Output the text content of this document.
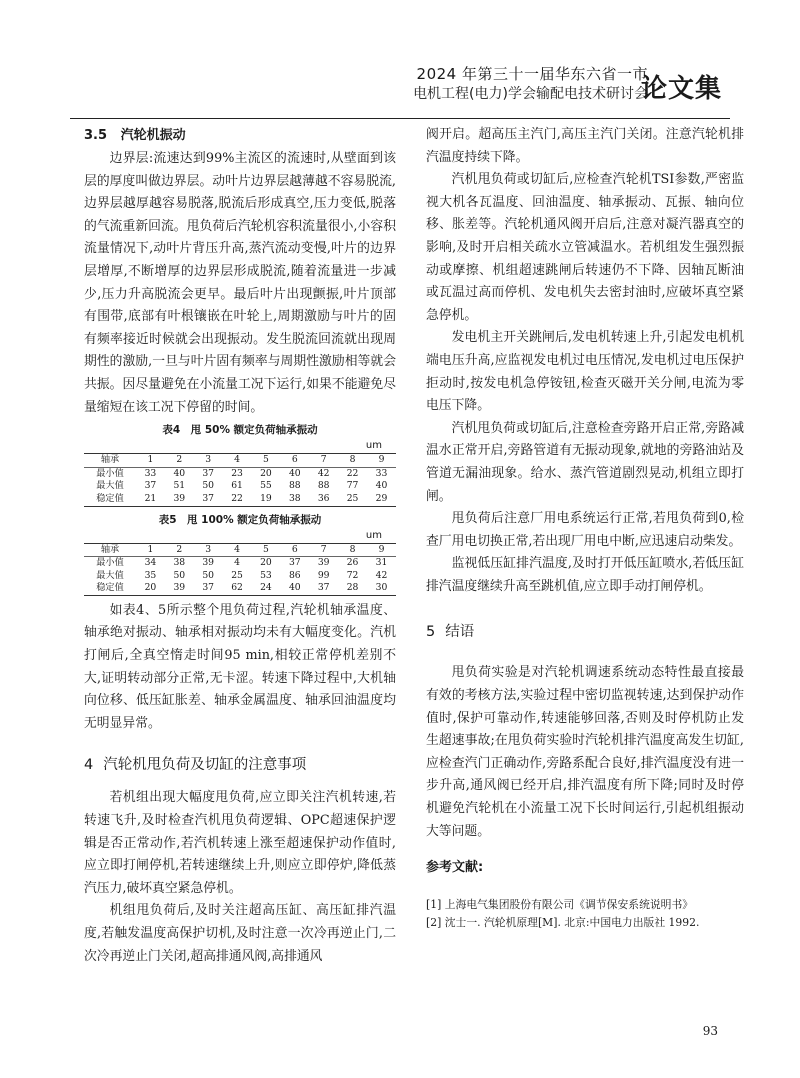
2024 年第三十一届华东六省一市
电机工程(电力)学会输配电技术研讨会
论文集
3.5 汽轮机振动

边界层:流速达到99%主流区的流速时,从壁面到该层的厚度叫做边界层。动叶片边界层越薄越不容易脱流,边界层越厚越容易脱落,脱流后形成真空,压力变低,脱落的气流重新回流。甩负荷后汽轮机容积流量很小,小容积流量情况下,动叶片背压升高,蒸汽流动变慢,叶片的边界层增厚,不断增厚的边界层形成脱流,随着流量进一步减少,压力升高脱流会更早。最后叶片出现颤振,叶片顶部有围带,底部有叶根镶嵌在叶轮上,周期激励与叶片的固有频率接近时候就会出现振动。发生脱流回流就出现周期性的激励,一旦与叶片固有频率与周期性激励相等就会共振。因尽量避免在小流量工况下运行,如果不能避免尽量缩短在该工况下停留的时间。

表4　甩 50% 额定负荷轴承振动
um
轴承	1	2	3	4	5	6	7	8	9
最小值	33	40	37	23	20	40	42	22	33
最大值	37	51	50	61	55	88	88	77	40
稳定值	21	39	37	22	19	38	36	25	29
表5　甩 100% 额定负荷轴承振动
um
轴承	1	2	3	4	5	6	7	8	9
最小值	34	38	39	4	20	37	39	26	31
最大值	35	50	50	25	53	86	99	72	42
稳定值	20	39	37	62	24	40	37	28	30

如表4、5所示整个甩负荷过程,汽轮机轴承温度、轴承绝对振动、轴承相对振动均未有大幅度变化。汽机打闸后,全真空惰走时间95 min,相较正常停机差别不大,证明转动部分正常,无卡涩。转速下降过程中,大机轴向位移、低压缸胀差、轴承金属温度、轴承回油温度均无明显异常。

4 汽轮机甩负荷及切缸的注意事项

若机组出现大幅度甩负荷,应立即关注汽机转速,若转速飞升,及时检查汽机甩负荷逻辑、OPC超速保护逻辑是否正常动作,若汽机转速上涨至超速保护动作值时,应立即打闸停机,若转速继续上升,则应立即停炉,降低蒸汽压力,破坏真空紧急停机。

机组甩负荷后,及时关注超高压缸、高压缸排汽温度,若触发温度高保护切机,及时注意一次冷再逆止门,二次冷再逆止门关闭,超高排通风阀,高排通风

阀开启。超高压主汽门,高压主汽门关闭。注意汽轮机排汽温度持续下降。

汽机甩负荷或切缸后,应检查汽轮机TSI参数,严密监视大机各瓦温度、回油温度、轴承振动、瓦振、轴向位移、胀差等。汽轮机通风阀开启后,注意对凝汽器真空的影响,及时开启相关疏水立管减温水。若机组发生强烈振动或摩擦、机组超速跳闸后转速仍不下降、因轴瓦断油或瓦温过高而停机、发电机失去密封油时,应破坏真空紧急停机。

发电机主开关跳闸后,发电机转速上升,引起发电机机端电压升高,应监视发电机过电压情况,发电机过电压保护拒动时,按发电机急停铵钮,检查灭磁开关分闸,电流为零电压下降。

汽机甩负荷或切缸后,注意检查旁路开启正常,旁路减温水正常开启,旁路管道有无振动现象,就地的旁路油站及管道无漏油现象。给水、蒸汽管道剧烈晃动,机组立即打闸。

甩负荷后注意厂用电系统运行正常,若甩负荷到0,检查厂用电切换正常,若出现厂用电中断,应迅速启动柴发。

监视低压缸排汽温度,及时打开低压缸喷水,若低压缸排汽温度继续升高至跳机值,应立即手动打闸停机。

5 结语

甩负荷实验是对汽轮机调速系统动态特性最直接最有效的考核方法,实验过程中密切监视转速,达到保护动作值时,保护可靠动作,转速能够回落,否则及时停机防止发生超速事故;在甩负荷实验时汽轮机排汽温度高发生切缸,应检查汽门正确动作,旁路系配合良好,排汽温度没有进一步升高,通风阀已经开启,排汽温度有所下降;同时及时停机避免汽轮机在小流量工况下长时间运行,引起机组振动大等问题。

参考文献:

[1] 上海电气集团股份有限公司《调节保安系统说明书》

[2] 沈士一. 汽轮机原理[M]. 北京:中国电力出版社 1992.

93
